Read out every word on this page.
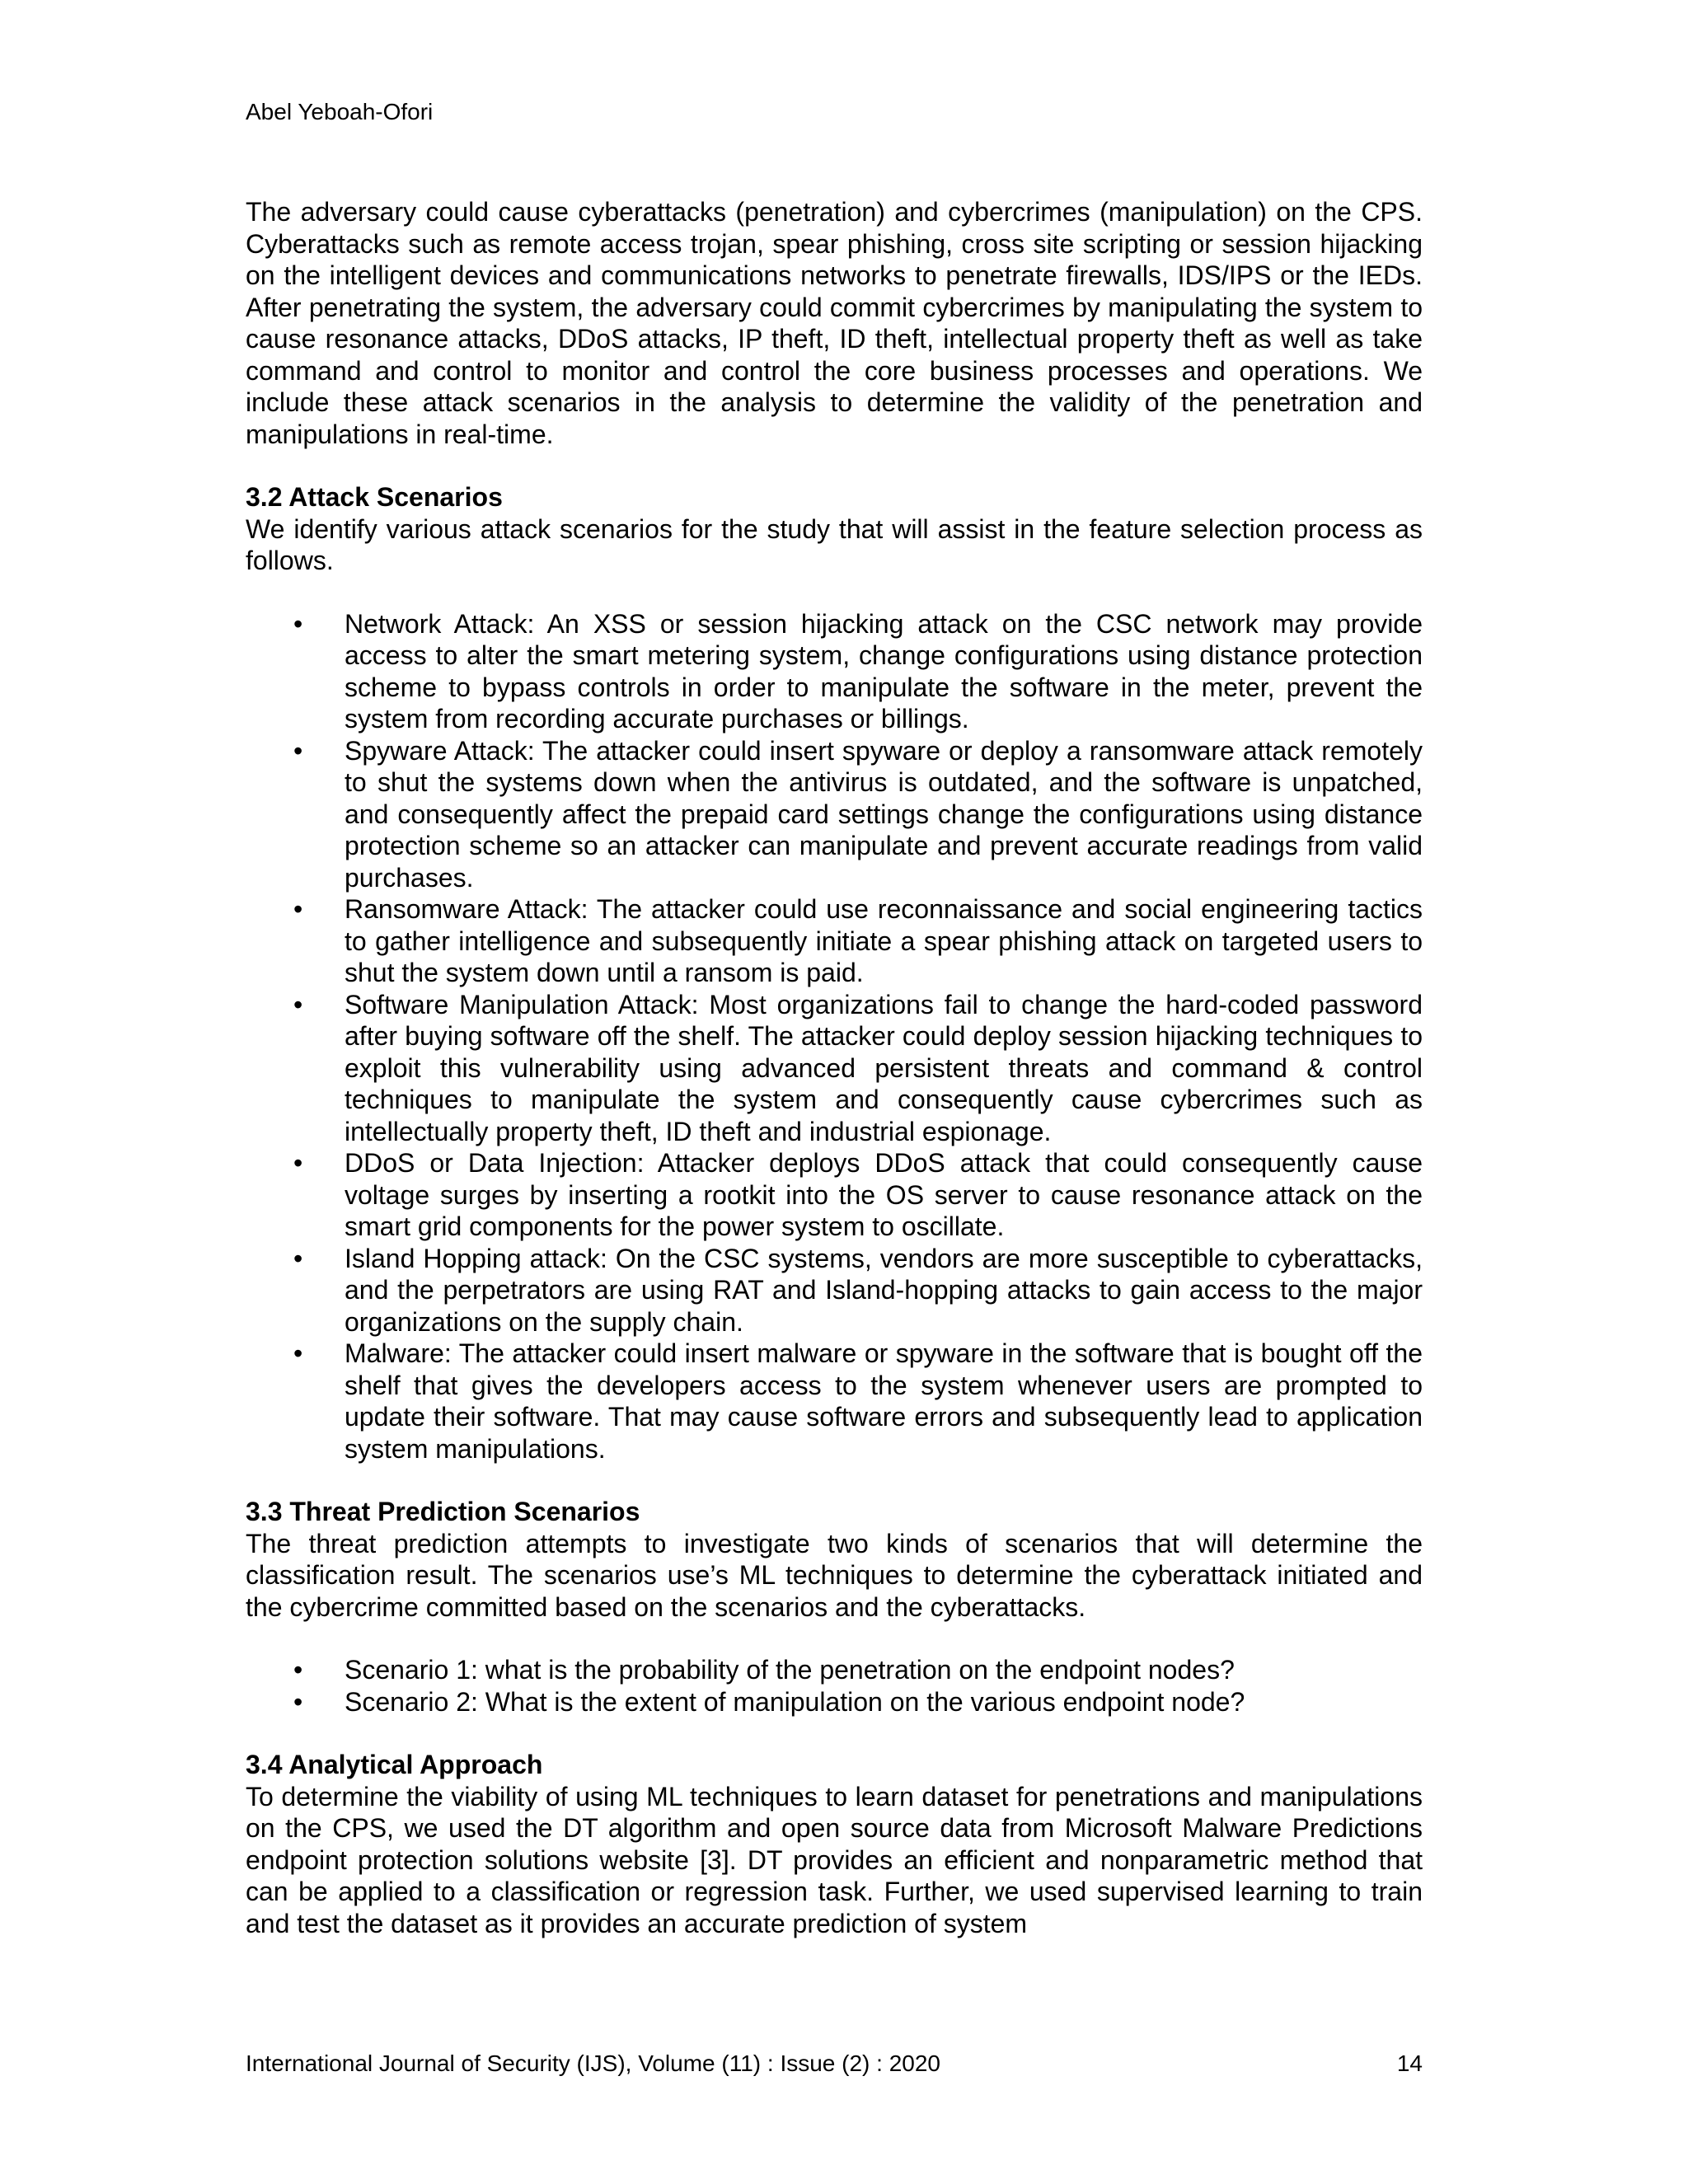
Abel Yeboah-Ofori

The adversary could cause cyberattacks (penetration) and cybercrimes (manipulation) on the CPS. Cyberattacks such as remote access trojan, spear phishing, cross site scripting or session hijacking on the intelligent devices and communications networks to penetrate firewalls, IDS/IPS or the IEDs. After penetrating the system, the adversary could commit cybercrimes by manipulating the system to cause resonance attacks, DDoS attacks, IP theft, ID theft, intellectual property theft as well as take command and control to monitor and control the core business processes and operations. We include these attack scenarios in the analysis to determine the validity of the penetration and manipulations in real-time.

3.2 Attack Scenarios

We identify various attack scenarios for the study that will assist in the feature selection process as follows.

• Network Attack: An XSS or session hijacking attack on the CSC network may provide access to alter the smart metering system, change configurations using distance protection scheme to bypass controls in order to manipulate the software in the meter, prevent the system from recording accurate purchases or billings.
• Spyware Attack: The attacker could insert spyware or deploy a ransomware attack remotely to shut the systems down when the antivirus is outdated, and the software is unpatched, and consequently affect the prepaid card settings change the configurations using distance protection scheme so an attacker can manipulate and prevent accurate readings from valid purchases.
• Ransomware Attack: The attacker could use reconnaissance and social engineering tactics to gather intelligence and subsequently initiate a spear phishing attack on targeted users to shut the system down until a ransom is paid.
• Software Manipulation Attack: Most organizations fail to change the hard-coded password after buying software off the shelf. The attacker could deploy session hijacking techniques to exploit this vulnerability using advanced persistent threats and command & control techniques to manipulate the system and consequently cause cybercrimes such as intellectually property theft, ID theft and industrial espionage.
• DDoS or Data Injection: Attacker deploys DDoS attack that could consequently cause voltage surges by inserting a rootkit into the OS server to cause resonance attack on the smart grid components for the power system to oscillate.
• Island Hopping attack: On the CSC systems, vendors are more susceptible to cyberattacks, and the perpetrators are using RAT and Island-hopping attacks to gain access to the major organizations on the supply chain.
• Malware: The attacker could insert malware or spyware in the software that is bought off the shelf that gives the developers access to the system whenever users are prompted to update their software. That may cause software errors and subsequently lead to application system manipulations.

3.3 Threat Prediction Scenarios

The threat prediction attempts to investigate two kinds of scenarios that will determine the classification result. The scenarios use’s ML techniques to determine the cyberattack initiated and the cybercrime committed based on the scenarios and the cyberattacks.

• Scenario 1: what is the probability of the penetration on the endpoint nodes?
• Scenario 2: What is the extent of manipulation on the various endpoint node?

3.4 Analytical Approach

To determine the viability of using ML techniques to learn dataset for penetrations and manipulations on the CPS, we used the DT algorithm and open source data from Microsoft Malware Predictions endpoint protection solutions website [3]. DT provides an efficient and nonparametric method that can be applied to a classification or regression task. Further, we used supervised learning to train and test the dataset as it provides an accurate prediction of system

International Journal of Security (IJS), Volume (11) : Issue (2) : 2020	14
